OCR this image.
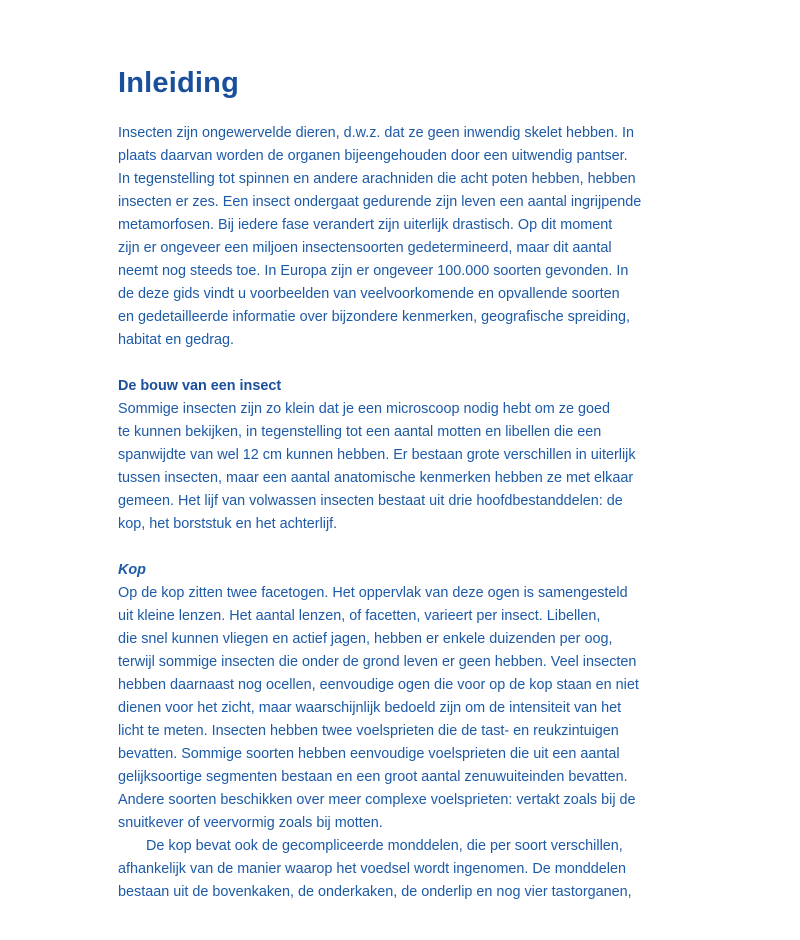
Inleiding

Insecten zijn ongewervelde dieren, d.w.z. dat ze geen inwendig skelet hebben. In
plaats daarvan worden de organen bijeengehouden door een uitwendig pantser.
In tegenstelling tot spinnen en andere arachniden die acht poten hebben, hebben
insecten er zes. Een insect ondergaat gedurende zijn leven een aantal ingrijpende
metamorfosen. Bij iedere fase verandert zijn uiterlijk drastisch. Op dit moment
zijn er ongeveer een miljoen insectensoorten gedetermineerd, maar dit aantal
neemt nog steeds toe. In Europa zijn er ongeveer 100.000 soorten gevonden. In
de deze gids vindt u voorbeelden van veelvoorkomende en opvallende soorten
en gedetailleerde informatie over bijzondere kenmerken, geografische spreiding,
habitat en gedrag.

De bouw van een insect

Sommige insecten zijn zo klein dat je een microscoop nodig hebt om ze goed
te kunnen bekijken, in tegenstelling tot een aantal motten en libellen die een
spanwijdte van wel 12 cm kunnen hebben. Er bestaan grote verschillen in uiterlijk
tussen insecten, maar een aantal anatomische kenmerken hebben ze met elkaar
gemeen. Het lijf van volwassen insecten bestaat uit drie hoofdbestanddelen: de
kop, het borststuk en het achterlijf.

Kop

Op de kop zitten twee facetogen. Het oppervlak van deze ogen is samengesteld
uit kleine lenzen. Het aantal lenzen, of facetten, varieert per insect. Libellen,
die snel kunnen vliegen en actief jagen, hebben er enkele duizenden per oog,
terwijl sommige insecten die onder de grond leven er geen hebben. Veel insecten
hebben daarnaast nog ocellen, eenvoudige ogen die voor op de kop staan en niet
dienen voor het zicht, maar waarschijnlijk bedoeld zijn om de intensiteit van het
licht te meten. Insecten hebben twee voelsprieten die de tast- en reukzintuigen
bevatten. Sommige soorten hebben eenvoudige voelsprieten die uit een aantal
gelijksoortige segmenten bestaan en een groot aantal zenuwuiteinden bevatten.
Andere soorten beschikken over meer complexe voelsprieten: vertakt zoals bij de
snuitkever of veervormig zoals bij motten.

De kop bevat ook de gecompliceerde monddelen, die per soort verschillen,
afhankelijk van de manier waarop het voedsel wordt ingenomen. De monddelen
bestaan uit de bovenkaken, de onderkaken, de onderlip en nog vier tastorganen,
